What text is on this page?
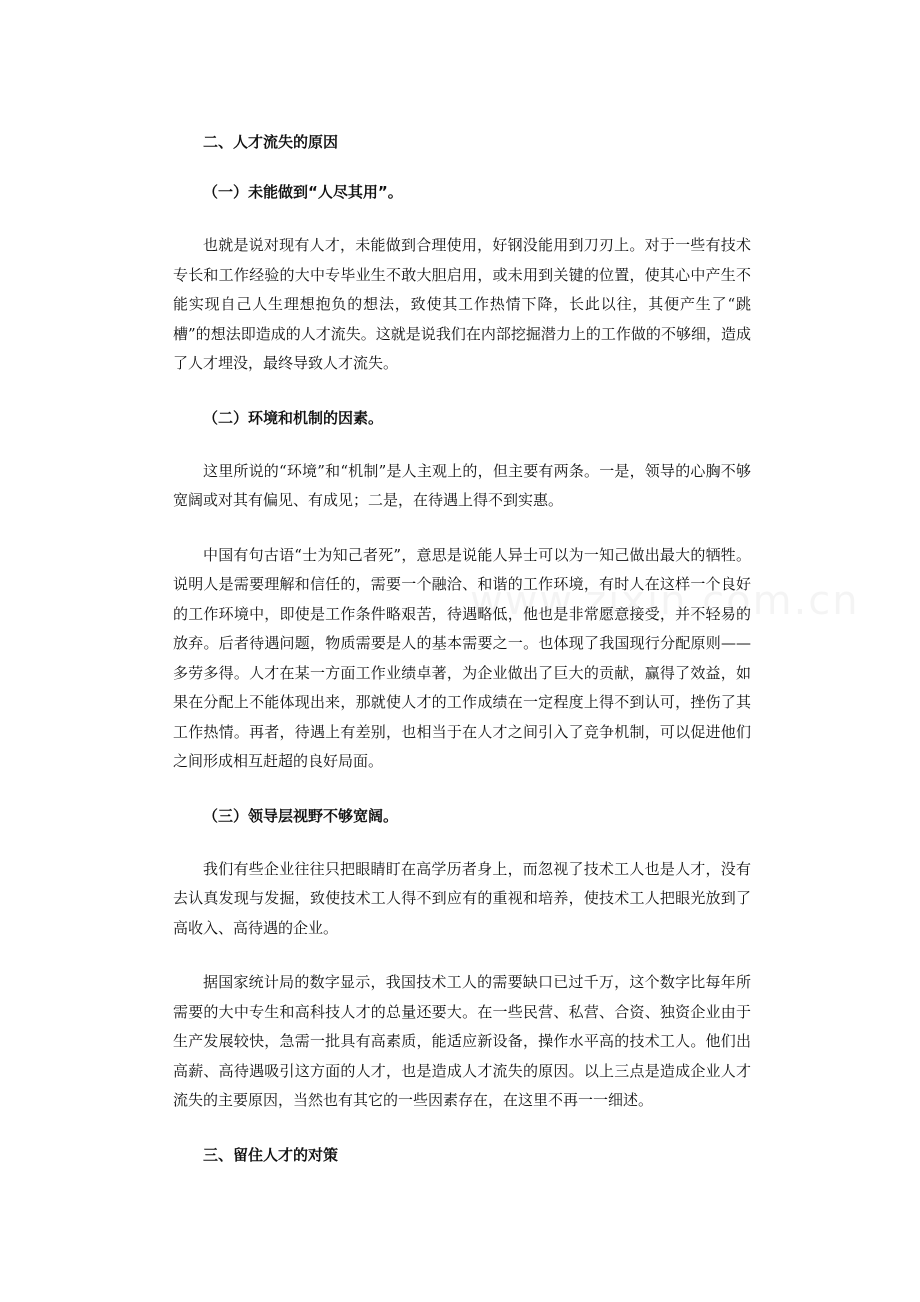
二、人才流失的原因

（一）未能做到“人尽其用”。

也就是说对现有人才，未能做到合理使用，好钢没能用到刀刃上。对于一些有技术专长和工作经验的大中专毕业生不敢大胆启用，或未用到关键的位置，使其心中产生不能实现自己人生理想抱负的想法，致使其工作热情下降，长此以往，其便产生了“跳槽”的想法即造成的人才流失。这就是说我们在内部挖掘潜力上的工作做的不够细，造成了人才埋没，最终导致人才流失。

（二）环境和机制的因素。

这里所说的“环境”和“机制”是人主观上的，但主要有两条。一是，领导的心胸不够宽阔或对其有偏见、有成见；二是，在待遇上得不到实惠。

中国有句古语“士为知己者死”，意思是说能人异士可以为一知己做出最大的牺牲。说明人是需要理解和信任的，需要一个融洽、和谐的工作环境，有时人在这样一个良好的工作环境中，即使是工作条件略艰苦，待遇略低，他也是非常愿意接受，并不轻易的放弃。后者待遇问题，物质需要是人的基本需要之一。也体现了我国现行分配原则——多劳多得。人才在某一方面工作业绩卓著，为企业做出了巨大的贡献，赢得了效益，如果在分配上不能体现出来，那就使人才的工作成绩在一定程度上得不到认可，挫伤了其工作热情。再者，待遇上有差别，也相当于在人才之间引入了竞争机制，可以促进他们之间形成相互赶超的良好局面。

（三）领导层视野不够宽阔。

我们有些企业往往只把眼睛盯在高学历者身上，而忽视了技术工人也是人才，没有去认真发现与发掘，致使技术工人得不到应有的重视和培养，使技术工人把眼光放到了高收入、高待遇的企业。

据国家统计局的数字显示，我国技术工人的需要缺口已过千万，这个数字比每年所需要的大中专生和高科技人才的总量还要大。在一些民营、私营、合资、独资企业由于生产发展较快，急需一批具有高素质，能适应新设备，操作水平高的技术工人。他们出高薪、高待遇吸引这方面的人才，也是造成人才流失的原因。以上三点是造成企业人才流失的主要原因，当然也有其它的一些因素存在，在这里不再一一细述。

三、留住人才的对策
